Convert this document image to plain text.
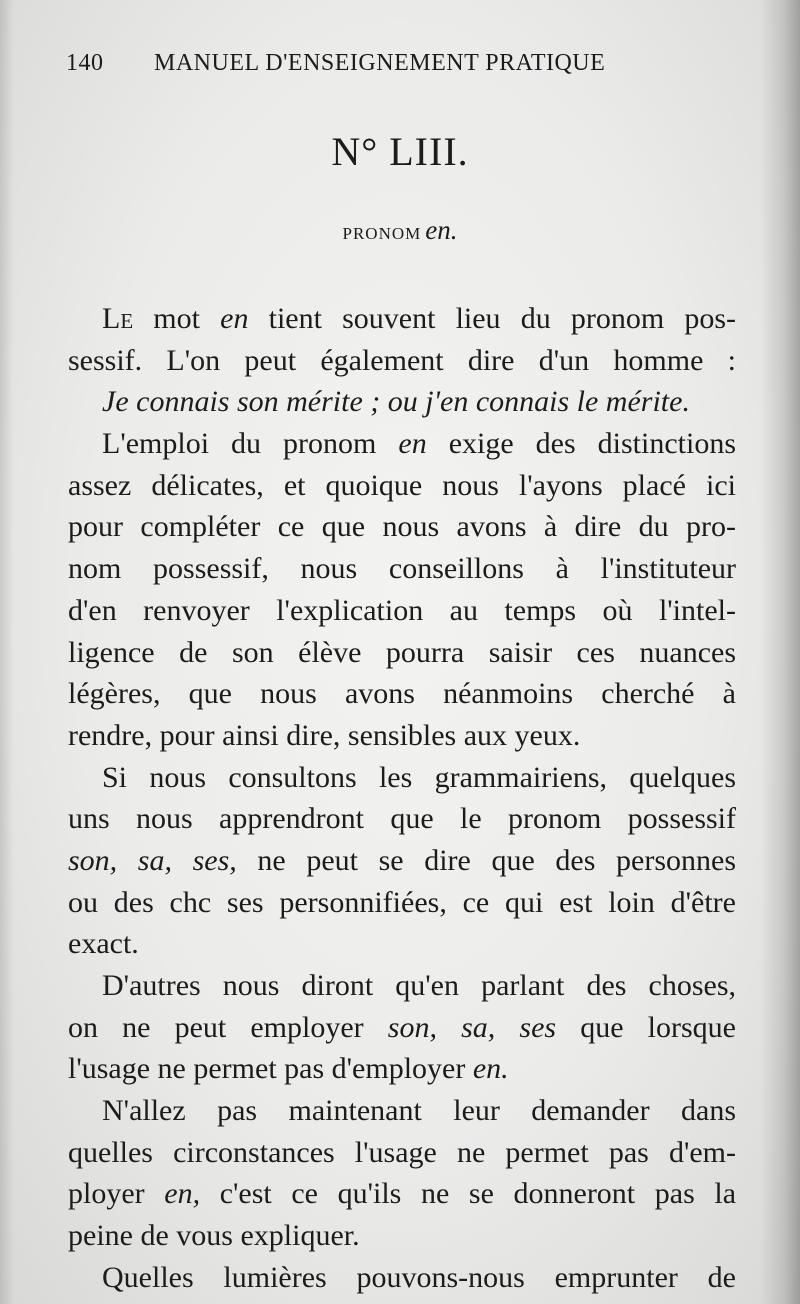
140 MANUEL D'ENSEIGNEMENT PRATIQUE
N° LIII.
PRONOM en.
Le mot en tient souvent lieu du pronom pos-
sessif. L'on peut également dire d'un homme :
Je connais son mérite ; ou j'en connais le mérite.
L'emploi du pronom en exige des distinctions
assez délicates, et quoique nous l'ayons placé ici
pour compléter ce que nous avons à dire du pro-
nom possessif, nous conseillons à l'instituteur
d'en renvoyer l'explication au temps où l'intel-
ligence de son élève pourra saisir ces nuances
légères, que nous avons néanmoins cherché à
rendre, pour ainsi dire, sensibles aux yeux.
Si nous consultons les grammairiens, quelques
uns nous apprendront que le pronom possessif
son, sa, ses, ne peut se dire que des personnes
ou des chc ses personnifiées, ce qui est loin d'être
exact.
D'autres nous diront qu'en parlant des choses,
on ne peut employer son, sa, ses que lorsque
l'usage ne permet pas d'employer en.
N'allez pas maintenant leur demander dans
quelles circonstances l'usage ne permet pas d'em-
ployer en, c'est ce qu'ils ne se donneront pas la
peine de vous expliquer.
Quelles lumières pouvons-nous emprunter de
